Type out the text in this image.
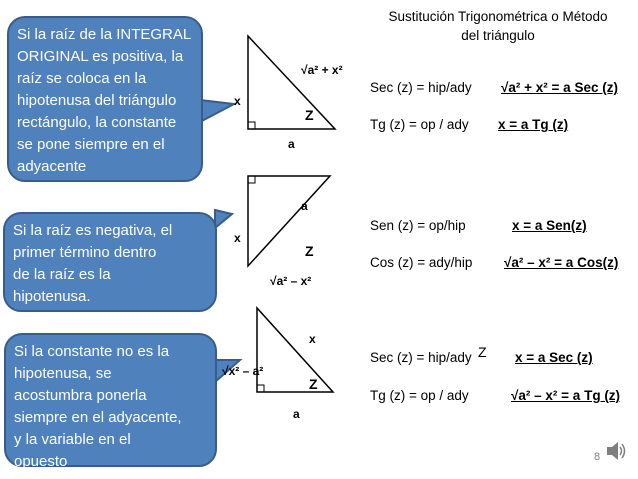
Sustitución Trigonométrica o Método
del triángulo
Si la raíz de la INTEGRAL
ORIGINAL es positiva, la
raíz se coloca en la
hipotenusa del triángulo
rectángulo, la constante
se pone siempre en el
adyacente
Si la raíz es negativa, el
primer término dentro
de la raíz es la
hipotenusa.
Si la constante no es la
hipotenusa, se
acostumbra ponerla
siempre en el adyacente,
y la variable en el
opuesto
√a² + x²
x
a
Z
a
x
√a² – x²
Z
x
√x² – a²
a
Z
Sec (z) = hip/ady √a² + x² = a Sec (z)
Tg (z) = op / ady x = a Tg (z)
Sen (z) = op/hip	x = a Sen(z)
Cos (z) = ady/hip √a² – x² = a Cos(z)
Sec (z) = hip/ady Z x = a Sec (z)
Tg (z) = op / ady	√a² – x² = a Tg (z)
8
